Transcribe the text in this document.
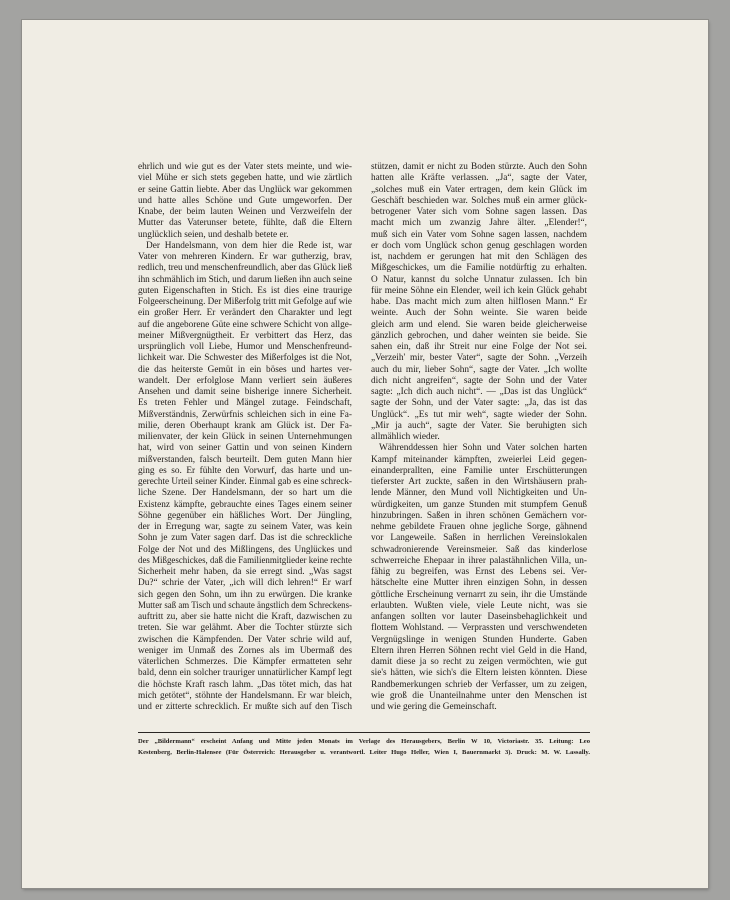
ehrlich und wie gut es der Vater stets meinte, und wie-
viel Mühe er sich stets gegeben hatte, und wie zärtlich
er seine Gattin liebte. Aber das Unglück war gekommen
und hatte alles Schöne und Gute umgeworfen. Der
Knabe, der beim lauten Weinen und Verzweifeln der
Mutter das Vaterunser betete, fühlte, daß die Eltern
unglücklich seien, und deshalb betete er.
Der Handelsmann, von dem hier die Rede ist, war
Vater von mehreren Kindern. Er war gutherzig, brav,
redlich, treu und menschenfreundlich, aber das Glück ließ
ihn schmählich im Stich, und darum ließen ihn auch seine
guten Eigenschaften in Stich. Es ist dies eine traurige
Folgeerscheinung. Der Mißerfolg tritt mit Gefolge auf wie
ein großer Herr. Er verändert den Charakter und legt
auf die angeborene Güte eine schwere Schicht von allge-
meiner Mißvergnügtheit. Er verbittert das Herz, das
ursprünglich voll Liebe, Humor und Menschenfreund-
lichkeit war. Die Schwester des Mißerfolges ist die Not,
die das heiterste Gemüt in ein böses und hartes ver-
wandelt. Der erfolglose Mann verliert sein äußeres
Ansehen und damit seine bisherige innere Sicherheit.
Es treten Fehler und Mängel zutage. Feindschaft,
Mißverständnis, Zerwürfnis schleichen sich in eine Fa-
milie, deren Oberhaupt krank am Glück ist. Der Fa-
milienvater, der kein Glück in seinen Unternehmungen
hat, wird von seiner Gattin und von seinen Kindern
mißverstanden, falsch beurteilt. Dem guten Mann hier
ging es so. Er fühlte den Vorwurf, das harte und un-
gerechte Urteil seiner Kinder. Einmal gab es eine schreck-
liche Szene. Der Handelsmann, der so hart um die
Existenz kämpfte, gebrauchte eines Tages einem seiner
Söhne gegenüber ein häßliches Wort. Der Jüngling,
der in Erregung war, sagte zu seinem Vater, was kein
Sohn je zum Vater sagen darf. Das ist die schreckliche
Folge der Not und des Mißlingens, des Unglückes und
des Mißgeschickes, daß die Familienmitglieder keine rechte
Sicherheit mehr haben, da sie erregt sind. „Was sagst
Du?“ schrie der Vater, „ich will dich lehren!“ Er warf
sich gegen den Sohn, um ihn zu erwürgen. Die kranke
Mutter saß am Tisch und schaute ängstlich dem Schreckens-
auftritt zu, aber sie hatte nicht die Kraft, dazwischen zu
treten. Sie war gelähmt. Aber die Tochter stürzte sich
zwischen die Kämpfenden. Der Vater schrie wild auf,
weniger im Unmaß des Zornes als im Übermaß des
väterlichen Schmerzes. Die Kämpfer ermatteten sehr
bald, denn ein solcher trauriger unnatürlicher Kampf legt
die höchste Kraft rasch lahm. „Das tötet mich, das hat
mich getötet“, stöhnte der Handelsmann. Er war bleich,
und er zitterte schrecklich. Er mußte sich auf den Tisch
stützen, damit er nicht zu Boden stürzte. Auch den Sohn
hatten alle Kräfte verlassen. „Ja“, sagte der Vater,
„solches muß ein Vater ertragen, dem kein Glück im
Geschäft beschieden war. Solches muß ein armer glück-
betrogener Vater sich vom Sohne sagen lassen. Das
macht mich um zwanzig Jahre älter. „Elender!“,
muß sich ein Vater vom Sohne sagen lassen, nachdem
er doch vom Unglück schon genug geschlagen worden
ist, nachdem er gerungen hat mit den Schlägen des
Mißgeschickes, um die Familie notdürftig zu erhalten.
O Natur, kannst du solche Unnatur zulassen. Ich bin
für meine Söhne ein Elender, weil ich kein Glück gehabt
habe. Das macht mich zum alten hilflosen Mann.“ Er
weinte. Auch der Sohn weinte. Sie waren beide
gleich arm und elend. Sie waren beide gleicherweise
gänzlich gebrochen, und daher weinten sie beide. Sie
sahen ein, daß ihr Streit nur eine Folge der Not sei.
„Verzeih' mir, bester Vater“, sagte der Sohn. „Verzeih
auch du mir, lieber Sohn“, sagte der Vater. „Ich wollte
dich nicht angreifen“, sagte der Sohn und der Vater
sagte: „Ich dich auch nicht“. — „Das ist das Unglück“
sagte der Sohn, und der Vater sagte: „Ja, das ist das
Unglück“. „Es tut mir weh“, sagte wieder der Sohn.
„Mir ja auch“, sagte der Vater. Sie beruhigten sich
allmählich wieder.
Währenddessen hier Sohn und Vater solchen harten
Kampf miteinander kämpften, zweierlei Leid gegen-
einanderprallten, eine Familie unter Erschütterungen
tieferster Art zuckte, saßen in den Wirtshäusern prah-
lende Männer, den Mund voll Nichtigkeiten und Un-
würdigkeiten, um ganze Stunden mit stumpfem Genuß
hinzubringen. Saßen in ihren schönen Gemächern vor-
nehme gebildete Frauen ohne jegliche Sorge, gähnend
vor Langeweile. Saßen in herrlichen Vereinslokalen
schwadronierende Vereinsmeier. Saß das kinderlose
schwerreiche Ehepaar in ihrer palastähnlichen Villa, un-
fähig zu begreifen, was Ernst des Lebens sei. Ver-
hätschelte eine Mutter ihren einzigen Sohn, in dessen
göttliche Erscheinung vernarrt zu sein, ihr die Umstände
erlaubten. Wußten viele, viele Leute nicht, was sie
anfangen sollten vor lauter Daseinsbehaglichkeit und
flottem Wohlstand. — Verprassten und verschwendeten
Vergnügslinge in wenigen Stunden Hunderte. Gaben
Eltern ihren Herren Söhnen recht viel Geld in die Hand,
damit diese ja so recht zu zeigen vermöchten, wie gut
sie's hätten, wie sich's die Eltern leisten könnten. Diese
Randbemerkungen schrieb der Verfasser, um zu zeigen,
wie groß die Unanteilnahme unter den Menschen ist
und wie gering die Gemeinschaft.
Der „Bildermann“ erscheint Anfang und Mitte jeden Monats im Verlage des Herausgebers, Berlin W 10, Victoriastr. 35. Leitung: Leo
Kestenberg, Berlin-Halensee (Für Österreich: Herausgeber u. verantwortl. Leiter Hugo Heller, Wien I, Bauernmarkt 3). Druck: M. W. Lassally.
